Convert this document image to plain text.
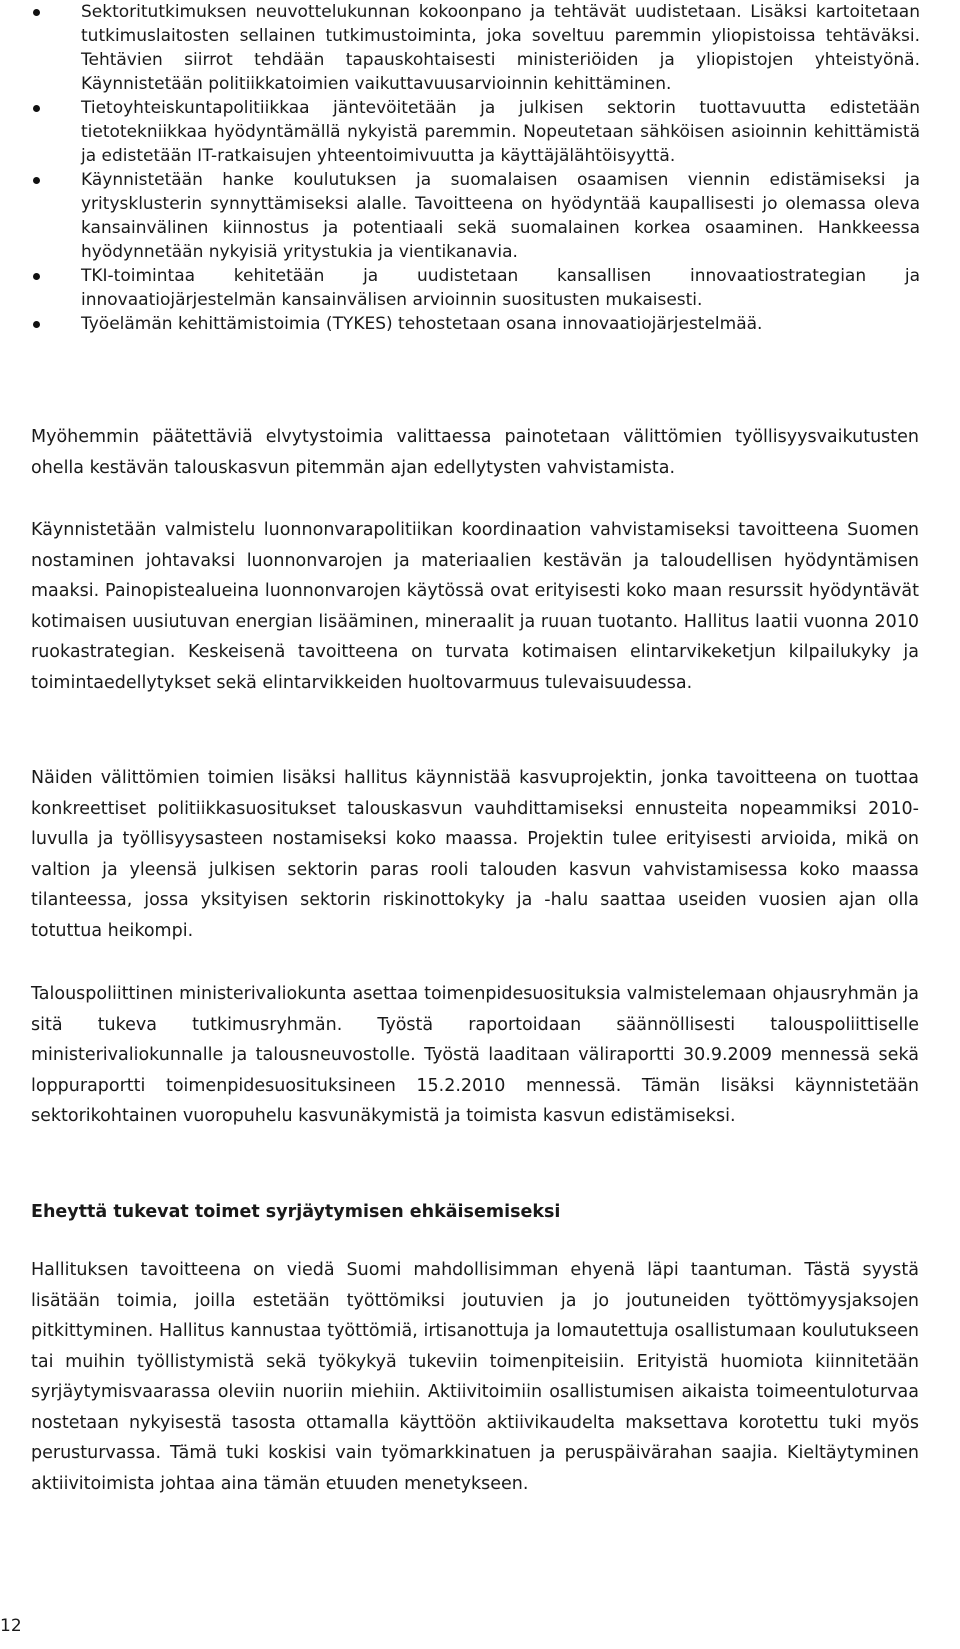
Sektoritutkimuksen neuvottelukunnan kokoonpano ja tehtävät uudistetaan. Lisäksi kartoitetaan tutkimuslaitosten sellainen tutkimustoiminta, joka soveltuu paremmin yliopistoissa tehtäväksi. Tehtävien siirrot tehdään tapauskohtaisesti ministeriöiden ja yliopistojen yhteistyönä. Käynnistetään politiikkatoimien vaikuttavuusarvioinnin kehittäminen.
Tietoyhteiskuntapolitiikkaa jäntevöitetään ja julkisen sektorin tuottavuutta edistetään tietotekniikkaa hyödyntämällä nykyistä paremmin. Nopeutetaan sähköisen asioinnin kehittämistä ja edistetään IT-ratkaisujen yhteentoimivuutta ja käyttäjälähtöisyyttä.
Käynnistetään hanke koulutuksen ja suomalaisen osaamisen viennin edistämiseksi ja yritysklusterin synnyttämiseksi alalle. Tavoitteena on hyödyntää kaupallisesti jo olemassa oleva kansainvälinen kiinnostus ja potentiaali sekä suomalainen korkea osaaminen. Hankkeessa hyödynnetään nykyisiä yritystukia ja vientikanavia.
TKI-toimintaa kehitetään ja uudistetaan kansallisen innovaatiostrategian ja innovaatiojärjestelmän kansainvälisen arvioinnin suositusten mukaisesti.
Työelämän kehittämistoimia (TYKES) tehostetaan osana innovaatiojärjestelmää.

Myöhemmin päätettäviä elvytystoimia valittaessa painotetaan välittömien työllisyysvaikutusten ohella kestävän talouskasvun pitemmän ajan edellytysten vahvistamista.

Käynnistetään valmistelu luonnonvarapolitiikan koordinaation vahvistamiseksi tavoitteena Suomen nostaminen johtavaksi luonnonvarojen ja materiaalien kestävän ja taloudellisen hyödyntämisen maaksi. Painopistealueina luonnonvarojen käytössä ovat erityisesti koko maan resurssit hyödyntävät kotimaisen uusiutuvan energian lisääminen, mineraalit ja ruuan tuotanto. Hallitus laatii vuonna 2010 ruokastrategian. Keskeisenä tavoitteena on turvata kotimaisen elintarvikeketjun kilpailukyky ja toimintaedellytykset sekä elintarvikkeiden huoltovarmuus tulevaisuudessa.

Näiden välittömien toimien lisäksi hallitus käynnistää kasvuprojektin, jonka tavoitteena on tuottaa konkreettiset politiikkasuositukset talouskasvun vauhdittamiseksi ennusteita nopeammiksi 2010-luvulla ja työllisyysasteen nostamiseksi koko maassa. Projektin tulee erityisesti arvioida, mikä on valtion ja yleensä julkisen sektorin paras rooli talouden kasvun vahvistamisessa koko maassa tilanteessa, jossa yksityisen sektorin riskinottokyky ja -halu saattaa useiden vuosien ajan olla totuttua heikompi.

Talouspoliittinen ministerivaliokunta asettaa toimenpidesuosituksia valmistelemaan ohjausryhmän ja sitä tukeva tutkimusryhmän. Työstä raportoidaan säännöllisesti talouspoliittiselle ministerivaliokunnalle ja talousneuvostolle. Työstä laaditaan väliraportti 30.9.2009 mennessä sekä loppuraportti toimenpidesuosituksineen 15.2.2010 mennessä. Tämän lisäksi käynnistetään sektorikohtainen vuoropuhelu kasvunäkymistä ja toimista kasvun edistämiseksi.

Eheyttä tukevat toimet syrjäytymisen ehkäisemiseksi

Hallituksen tavoitteena on viedä Suomi mahdollisimman ehyenä läpi taantuman. Tästä syystä lisätään toimia, joilla estetään työttömiksi joutuvien ja jo joutuneiden työttömyysjaksojen pitkittyminen. Hallitus kannustaa työttömiä, irtisanottuja ja lomautettuja osallistumaan koulutukseen tai muihin työllistymistä sekä työkykyä tukeviin toimenpiteisiin. Erityistä huomiota kiinnitetään syrjäytymisvaarassa oleviin nuoriin miehiin. Aktiivitoimiin osallistumisen aikaista toimeentuloturvaa nostetaan nykyisestä tasosta ottamalla käyttöön aktiivikaudelta maksettava korotettu tuki myös perusturvassa. Tämä tuki koskisi vain työmarkkinatuen ja peruspäivärahan saajia. Kieltäytyminen aktiivitoimista johtaa aina tämän etuuden menetykseen.

12
